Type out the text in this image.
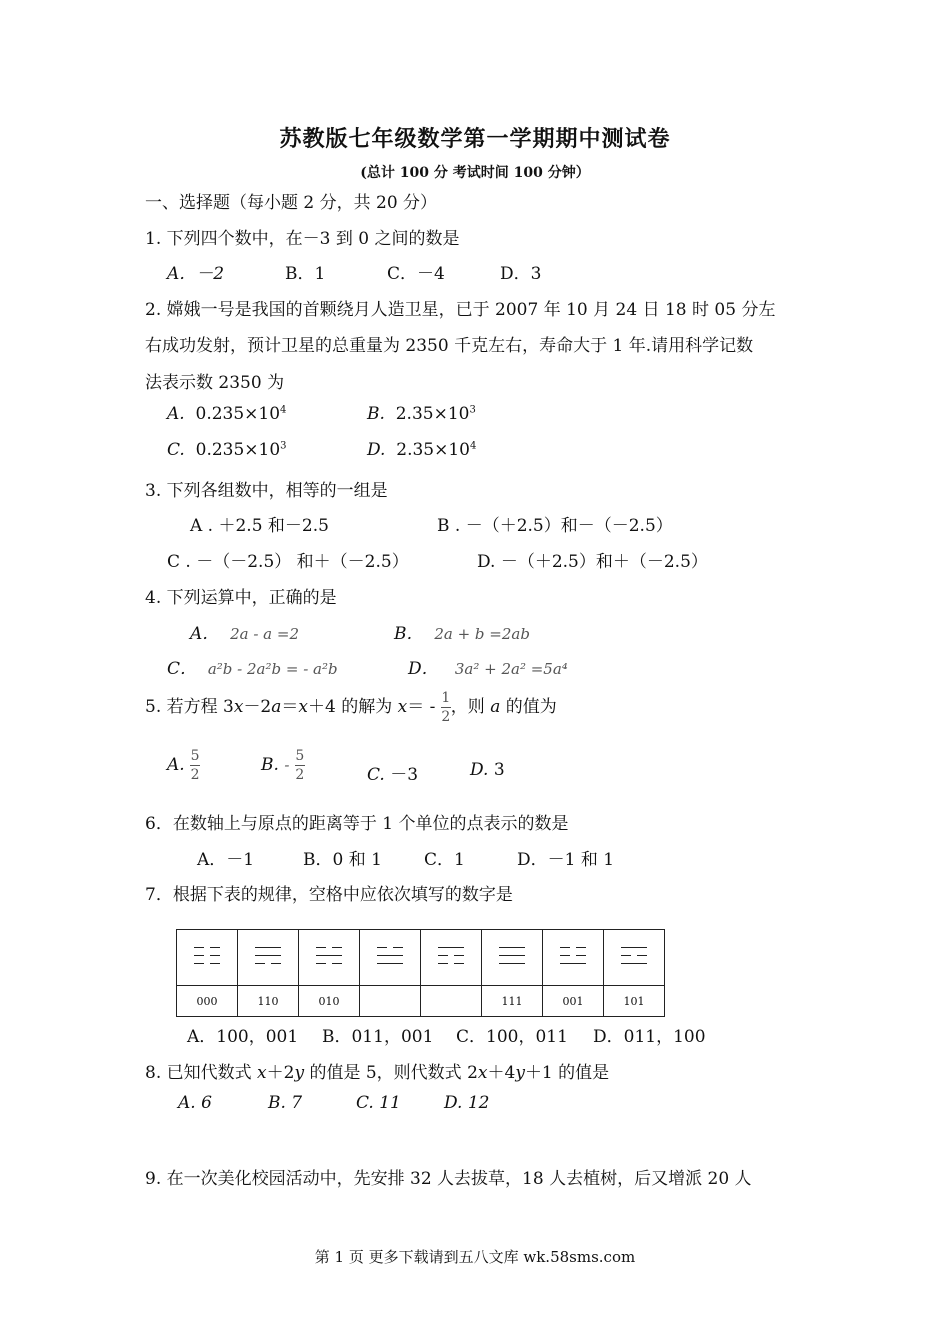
苏教版七年级数学第一学期期中测试卷
(总计 100 分 考试时间 100 分钟）
一、选择题（每小题 2 分，共 20 分）
1. 下列四个数中，在－3 到 0 之间的数是
A．－2	B．1	C．－4	D．3
2. 嫦娥一号是我国的首颗绕月人造卫星，已于 2007 年 10 月 24 日 18 时 05 分左
右成功发射，预计卫星的总重量为 2350 千克左右，寿命大于 1 年.请用科学记数
法表示数 2350 为
A. $0.235\times 10^4$	B. $2.35\times 10^3$
C. $0.235\times 10^3$	D. $2.35\times 10^4$
3. 下列各组数中，相等的一组是
A . ＋2.5 和－2.5	B . －（＋2.5）和－（－2.5）
C . －（－2.5） 和＋（－2.5）	D. －（＋2.5）和＋（－2.5）
4. 下列运算中，正确的是
A． 2a - a =2	B． 2a + b =2ab
C． a²b - 2a²b = - a²b	D． 3a² + 2a² =5a⁴
5. 若方程 3x－2a＝x＋4 的解为 $x= - \frac{1}{2}$ ，则 a 的值为
A. $\frac{5}{2}$	B. - $\frac{5}{2}$	C. －3	D. 3
6．在数轴上与原点的距离等于 1 个单位的点表示的数是
A．－1	B．0 和 1 C．1	D．－1 和 1
7．根据下表的规律，空格中应依次填写的数字是

000	110	010			111	001	101
A．100，001 B．011，001 C．100，011 D．011，100
8. 已知代数式 x＋2y 的值是 5，则代数式 2x＋4y＋1 的值是
A. 6	B. 7	C. 11	D. 12
9. 在一次美化校园活动中，先安排 32 人去拔草，18 人去植树，后又增派 20 人
第 1 页 更多下载请到五八文库 wk.58sms.com
